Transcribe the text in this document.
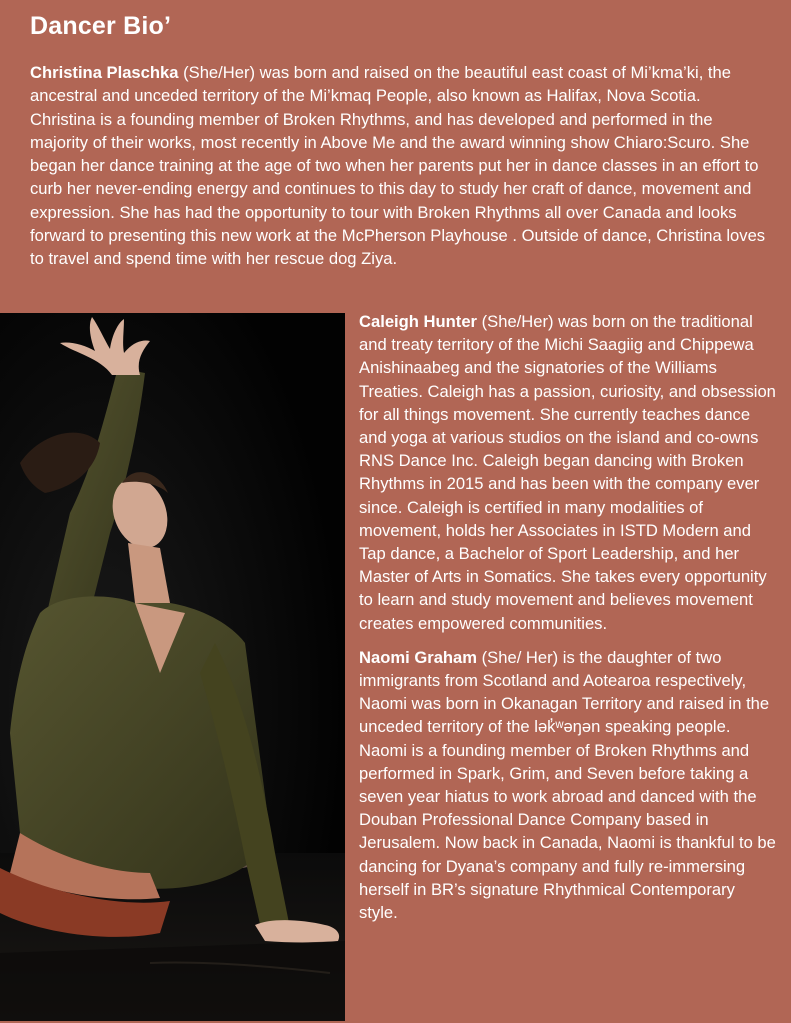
Dancer Bio’

Christina Plaschka (She/Her) was born and raised on the beautiful east coast of Mi’kma’ki, the ancestral and unceded territory of the Mi’kmaq People, also known as Halifax, Nova Scotia. Christina is a founding member of Broken Rhythms, and has developed and performed in the majority of their works, most recently in Above Me and the award winning show Chiaro:Scuro. She began her dance training at the age of two when her parents put her in dance classes in an effort to curb her never-ending energy and continues to this day to study her craft of dance, movement and expression. She has had the opportunity to tour with Broken Rhythms all over Canada and looks forward to presenting this new work at the McPherson Playhouse . Outside of dance, Christina loves to travel and spend time with her rescue dog Ziya.

Caleigh Hunter (She/Her) was born on the traditional and treaty territory of the Michi Saagiig and Chippewa Anishinaabeg and the signatories of the Williams Treaties. Caleigh has a passion, curiosity, and obsession for all things movement. She currently teaches dance and yoga at various studios on the island and co-owns RNS Dance Inc. Caleigh began dancing with Broken Rhythms in 2015 and has been with the company ever since. Caleigh is certified in many modalities of movement, holds her Associates in ISTD Modern and Tap dance, a Bachelor of Sport Leadership, and her Master of Arts in Somatics. She takes every opportunity to learn and study movement and believes movement creates empowered communities.

Naomi Graham (She/ Her) is the daughter of two immigrants from Scotland and Aotearoa respectively, Naomi was born in Okanagan Territory and raised in the unceded territory of the lək̓ʷəŋən speaking people. Naomi is a founding member of Broken Rhythms and performed in Spark, Grim, and Seven before taking a seven year hiatus to work abroad and danced with the Douban Professional Dance Company based in Jerusalem. Now back in Canada, Naomi is thankful to be dancing for Dyana’s company and fully re-immersing herself in BR’s signature Rhythmical Contemporary style.
